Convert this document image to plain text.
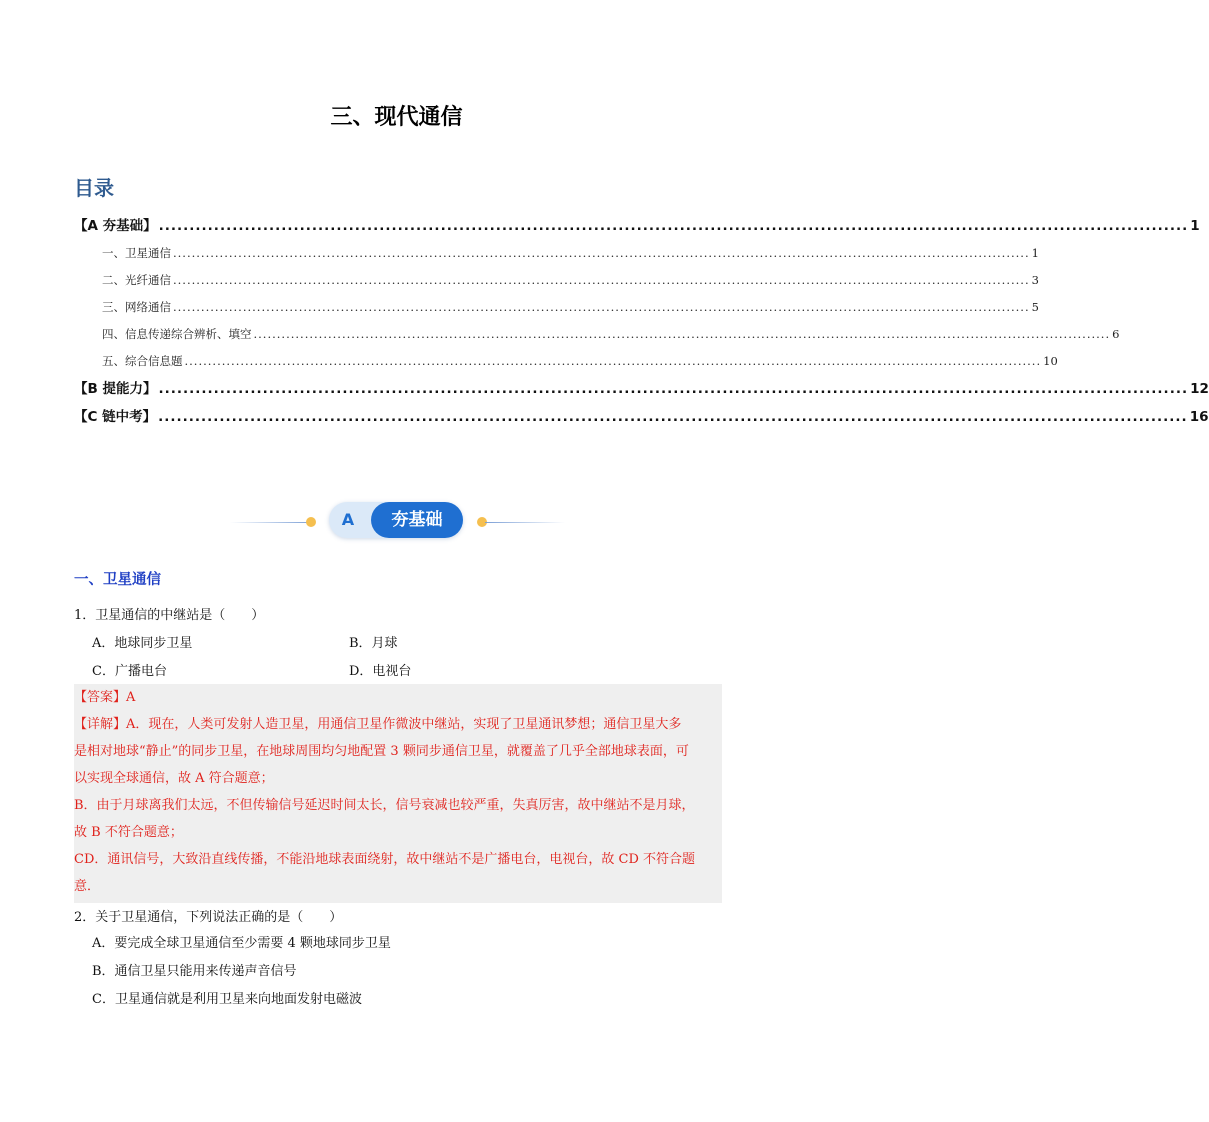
三、现代通信
目录
【A 夯基础】 ........................................................................................................................................................................ 1
一、卫星通信 ........................................................................................................................................................................................ 1
二、光纤通信 ........................................................................................................................................................................................ 3
三、网络通信 ........................................................................................................................................................................................ 5
四、信息传递综合辨析、填空 ........................................................................................................................................................................................ 6
五、综合信息题 ........................................................................................................................................................................................ 10
【B 提能力】 ........................................................................................................................................................................ 12
【C 链中考】 ........................................................................................................................................................................ 16
A	夯基础
一、卫星通信
1．卫星通信的中继站是（　　）
A．地球同步卫星	B．月球
C．广播电台	D．电视台
【答案】A
【详解】A．现在，人类可发射人造卫星，用通信卫星作微波中继站，实现了卫星通讯梦想；通信卫星大多
是相对地球“静止”的同步卫星，在地球周围均匀地配置 3 颗同步通信卫星，就覆盖了几乎全部地球表面，可
以实现全球通信，故 A 符合题意；
B．由于月球离我们太远，不但传输信号延迟时间太长，信号衰减也较严重，失真厉害，故中继站不是月球，
故 B 不符合题意；
CD．通讯信号，大致沿直线传播，不能沿地球表面绕射，故中继站不是广播电台，电视台，故 CD 不符合题
意．
2．关于卫星通信，下列说法正确的是（　　）
A．要完成全球卫星通信至少需要 4 颗地球同步卫星
B．通信卫星只能用来传递声音信号
C．卫星通信就是利用卫星来向地面发射电磁波
